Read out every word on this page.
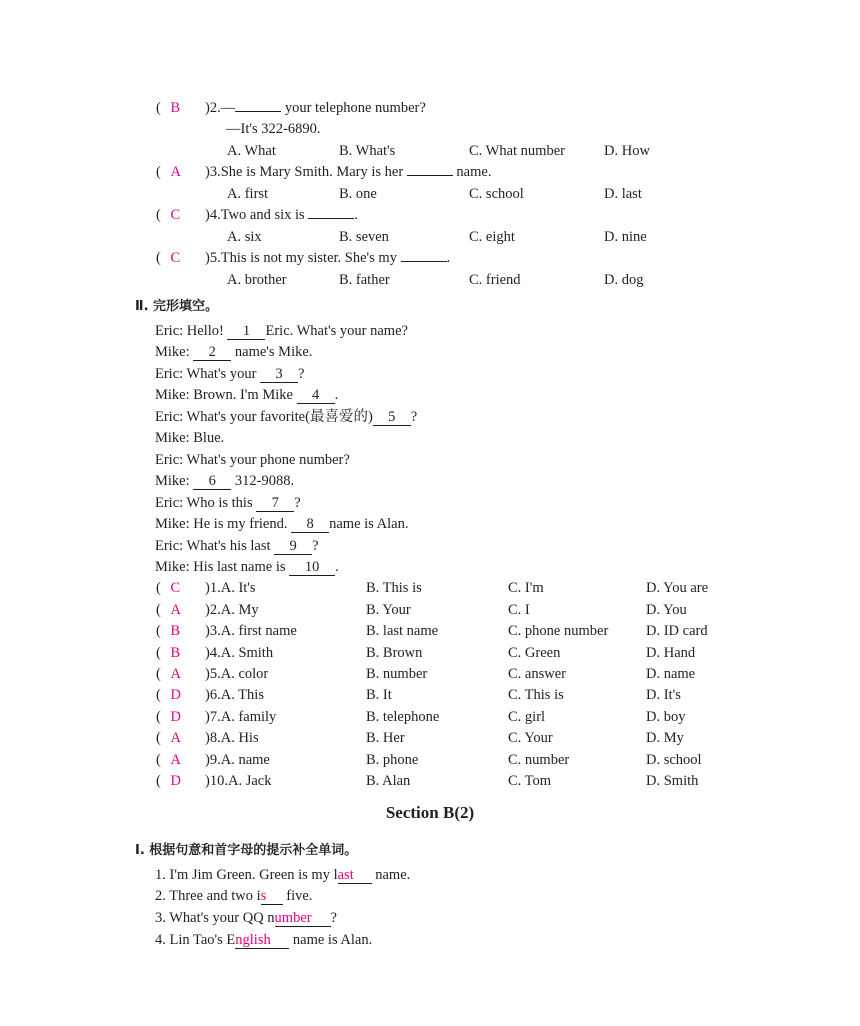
( B	)2.—	your telephone number?
—It's 322-6890.
A. What	B. What's	C. What number	D. How
( A	)3.She is Mary Smith. Mary is her	name.
A. first	B. one	C. school	D. last
( C	)4.Two and six is	.
A. six	B. seven	C. eight	D. nine
( C	)5.This is not my sister. She's my	.
A. brother	B. father	C. friend	D. dog
Ⅱ. 完形填空。
Eric: Hello! 1 Eric. What's your name?
Mike: 2 name's Mike.
Eric: What's your 3 ?
Mike: Brown. I'm Mike 4 .
Eric: What's your favorite(最喜爱的) 5 ?
Mike: Blue.
Eric: What's your phone number?
Mike: 6 312-9088.
Eric: Who is this 7 ?
Mike: He is my friend. 8 name is Alan.
Eric: What's his last 9 ?
Mike: His last name is 10 .
( C	)1.A. It's	B. This is	C. I'm	D. You are
( A	)2.A. My	B. Your	C. I	D. You
( B	)3.A. first name	B. last name	C. phone number	D. ID card
( B	)4.A. Smith	B. Brown	C. Green	D. Hand
( A	)5.A. color	B. number	C. answer	D. name
( D	)6.A. This	B. It	C. This is	D. It's
( D	)7.A. family	B. telephone	C. girl	D. boy
( A	)8.A. His	B. Her	C. Your	D. My
( A	)9.A. name	B. phone	C. number	D. school
( D	)10.A. Jack	B. Alan	C. Tom	D. Smith
Section B(2)
Ⅰ. 根据句意和首字母的提示补全单词。
1. I'm Jim Green. Green is my last name.
2. Three and two is five.
3. What's your QQ number ?
4. Lin Tao's English name is Alan.
